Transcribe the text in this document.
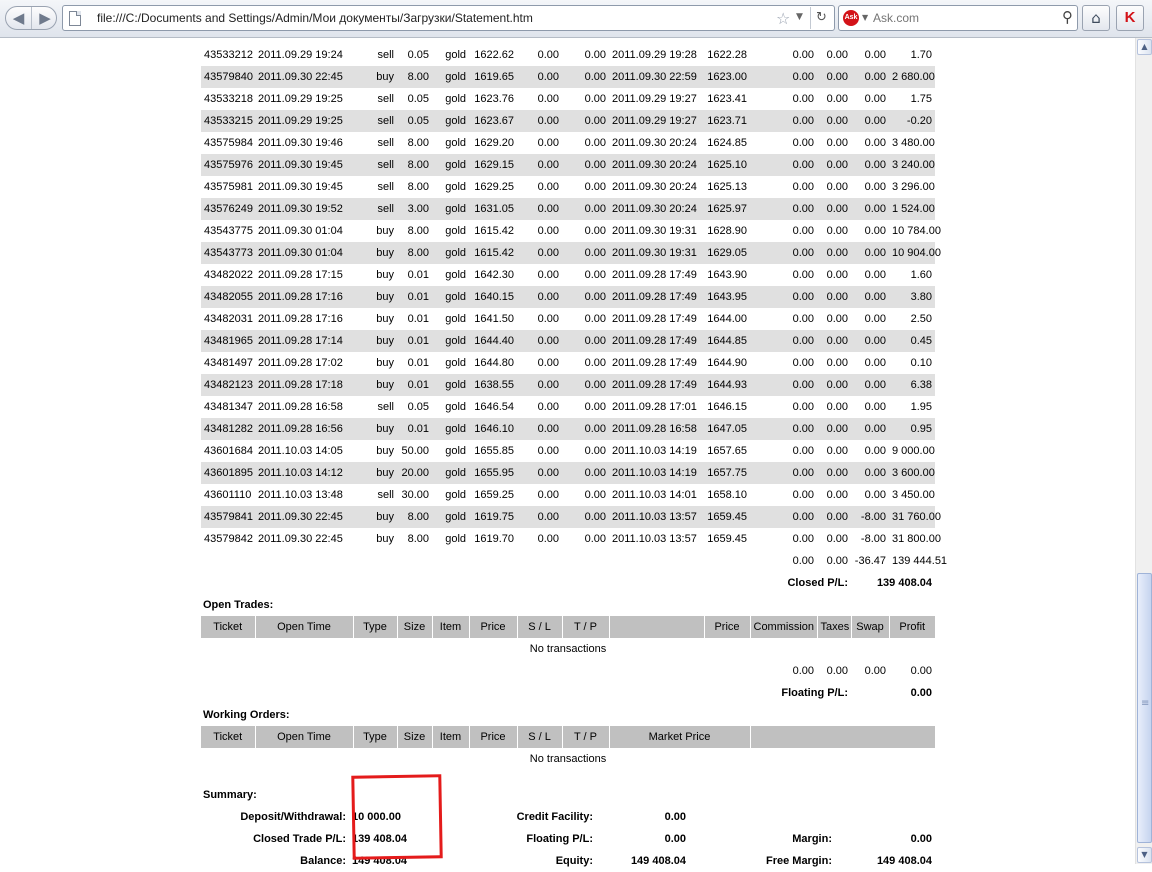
◀ ▶	file:///C:/Documents and Settings/Admin/Мои документы/Загрузки/Statement.htm	☆ ▼	↻	Ask ▼
Ask.com	⚲	⌂	K
43533212	2011.09.29 19:24	sell	0.05	gold	1622.62	0.00	0.00	2011.09.29 19:28	1622.28	0.00	0.00	0.00	1.70
43579840	2011.09.30 22:45	buy	8.00	gold	1619.65	0.00	0.00	2011.09.30 22:59	1623.00	0.00	0.00	0.00	2 680.00
43533218	2011.09.29 19:25	sell	0.05	gold	1623.76	0.00	0.00	2011.09.29 19:27	1623.41	0.00	0.00	0.00	1.75
43533215	2011.09.29 19:25	sell	0.05	gold	1623.67	0.00	0.00	2011.09.29 19:27	1623.71	0.00	0.00	0.00	-0.20
43575984	2011.09.30 19:46	sell	8.00	gold	1629.20	0.00	0.00	2011.09.30 20:24	1624.85	0.00	0.00	0.00	3 480.00
43575976	2011.09.30 19:45	sell	8.00	gold	1629.15	0.00	0.00	2011.09.30 20:24	1625.10	0.00	0.00	0.00	3 240.00
43575981	2011.09.30 19:45	sell	8.00	gold	1629.25	0.00	0.00	2011.09.30 20:24	1625.13	0.00	0.00	0.00	3 296.00
43576249	2011.09.30 19:52	sell	3.00	gold	1631.05	0.00	0.00	2011.09.30 20:24	1625.97	0.00	0.00	0.00	1 524.00
43543775	2011.09.30 01:04	buy	8.00	gold	1615.42	0.00	0.00	2011.09.30 19:31	1628.90	0.00	0.00	0.00	10 784.00
43543773	2011.09.30 01:04	buy	8.00	gold	1615.42	0.00	0.00	2011.09.30 19:31	1629.05	0.00	0.00	0.00	10 904.00
43482022	2011.09.28 17:15	buy	0.01	gold	1642.30	0.00	0.00	2011.09.28 17:49	1643.90	0.00	0.00	0.00	1.60
43482055	2011.09.28 17:16	buy	0.01	gold	1640.15	0.00	0.00	2011.09.28 17:49	1643.95	0.00	0.00	0.00	3.80
43482031	2011.09.28 17:16	buy	0.01	gold	1641.50	0.00	0.00	2011.09.28 17:49	1644.00	0.00	0.00	0.00	2.50
43481965	2011.09.28 17:14	buy	0.01	gold	1644.40	0.00	0.00	2011.09.28 17:49	1644.85	0.00	0.00	0.00	0.45
43481497	2011.09.28 17:02	buy	0.01	gold	1644.80	0.00	0.00	2011.09.28 17:49	1644.90	0.00	0.00	0.00	0.10
43482123	2011.09.28 17:18	buy	0.01	gold	1638.55	0.00	0.00	2011.09.28 17:49	1644.93	0.00	0.00	0.00	6.38
43481347	2011.09.28 16:58	sell	0.05	gold	1646.54	0.00	0.00	2011.09.28 17:01	1646.15	0.00	0.00	0.00	1.95
43481282	2011.09.28 16:56	buy	0.01	gold	1646.10	0.00	0.00	2011.09.28 16:58	1647.05	0.00	0.00	0.00	0.95
43601684	2011.10.03 14:05	buy	50.00	gold	1655.85	0.00	0.00	2011.10.03 14:19	1657.65	0.00	0.00	0.00	9 000.00
43601895	2011.10.03 14:12	buy	20.00	gold	1655.95	0.00	0.00	2011.10.03 14:19	1657.75	0.00	0.00	0.00	3 600.00
43601110	2011.10.03 13:48	sell	30.00	gold	1659.25	0.00	0.00	2011.10.03 14:01	1658.10	0.00	0.00	0.00	3 450.00
43579841	2011.09.30 22:45	buy	8.00	gold	1619.75	0.00	0.00	2011.10.03 13:57	1659.45	0.00	0.00	-8.00	31 760.00
43579842	2011.09.30 22:45	buy	8.00	gold	1619.70	0.00	0.00	2011.10.03 13:57	1659.45	0.00	0.00	-8.00	31 800.00
										0.00	0.00	-36.47	139 444.51
										Closed P/L:		139 408.04	
Open Trades:
Ticket	Open Time	Type	Size	Item	Price	S / L	T / P		Price	Commission	Taxes	Swap	Profit
No transactions													
										0.00	0.00	0.00	0.00
										Floating P/L:		0.00	
Working Orders:
Ticket	Open Time	Type	Size	Item	Price	S / L	T / P	Market Price	
No transactions
Summary:
Deposit/Withdrawal:	10 000.00	Credit Facility:	0.00		
Closed Trade P/L:	139 408.04	Floating P/L:	0.00	Margin:	0.00
Balance:	149 408.04	Equity:	149 408.04	Free Margin:	149 408.04
▲
≡
▼
